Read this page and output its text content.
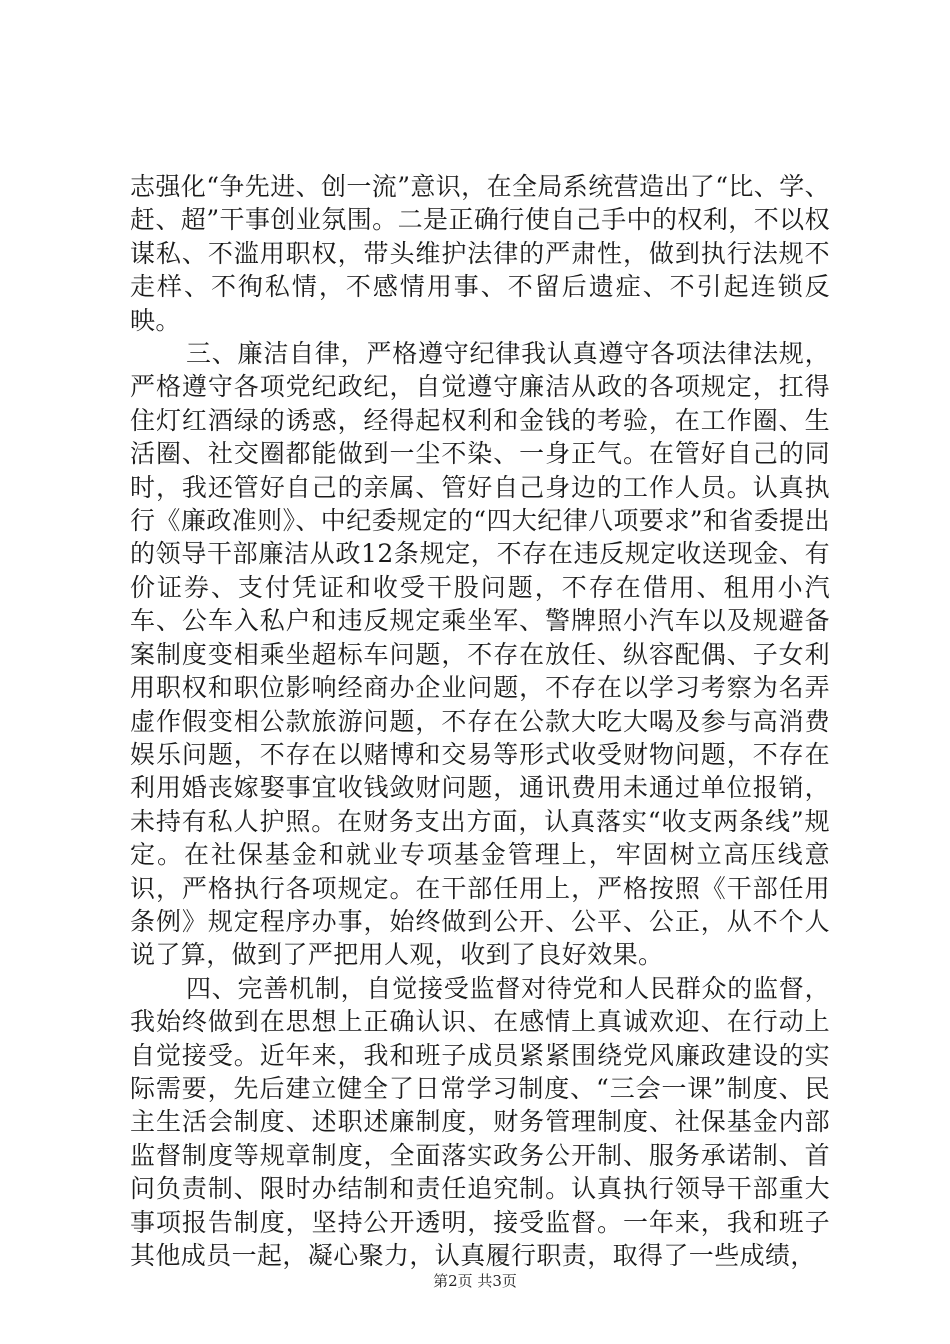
志强化“争先进、创一流”意识，在全局系统营造出了“比、学、赶、超”干事创业氛围。二是正确行使自己手中的权利，不以权谋私、不滥用职权，带头维护法律的严肃性，做到执行法规不走样、不徇私情，不感情用事、不留后遗症、不引起连锁反映。

三、廉洁自律，严格遵守纪律我认真遵守各项法律法规，严格遵守各项党纪政纪，自觉遵守廉洁从政的各项规定，扛得住灯红酒绿的诱惑，经得起权利和金钱的考验，在工作圈、生活圈、社交圈都能做到一尘不染、一身正气。在管好自己的同时，我还管好自己的亲属、管好自己身边的工作人员。认真执行《廉政准则》、中纪委规定的“四大纪律八项要求”和省委提出的领导干部廉洁从政12条规定，不存在违反规定收送现金、有价证券、支付凭证和收受干股问题，不存在借用、租用小汽车、公车入私户和违反规定乘坐军、警牌照小汽车以及规避备案制度变相乘坐超标车问题，不存在放任、纵容配偶、子女利用职权和职位影响经商办企业问题，不存在以学习考察为名弄虚作假变相公款旅游问题，不存在公款大吃大喝及参与高消费娱乐问题，不存在以赌博和交易等形式收受财物问题，不存在利用婚丧嫁娶事宜收钱敛财问题，通讯费用未通过单位报销，未持有私人护照。在财务支出方面，认真落实“收支两条线”规定。在社保基金和就业专项基金管理上，牢固树立高压线意识，严格执行各项规定。在干部任用上，严格按照《干部任用条例》规定程序办事，始终做到公开、公平、公正，从不个人说了算，做到了严把用人观，收到了良好效果。

四、完善机制，自觉接受监督对待党和人民群众的监督，我始终做到在思想上正确认识、在感情上真诚欢迎、在行动上自觉接受。近年来，我和班子成员紧紧围绕党风廉政建设的实际需要，先后建立健全了日常学习制度、“三会一课”制度、民主生活会制度、述职述廉制度，财务管理制度、社保基金内部监督制度等规章制度，全面落实政务公开制、服务承诺制、首问负责制、限时办结制和责任追究制。认真执行领导干部重大事项报告制度，坚持公开透明，接受监督。一年来，我和班子其他成员一起，凝心聚力，认真履行职责，取得了一些成绩，

第2页 共3页
